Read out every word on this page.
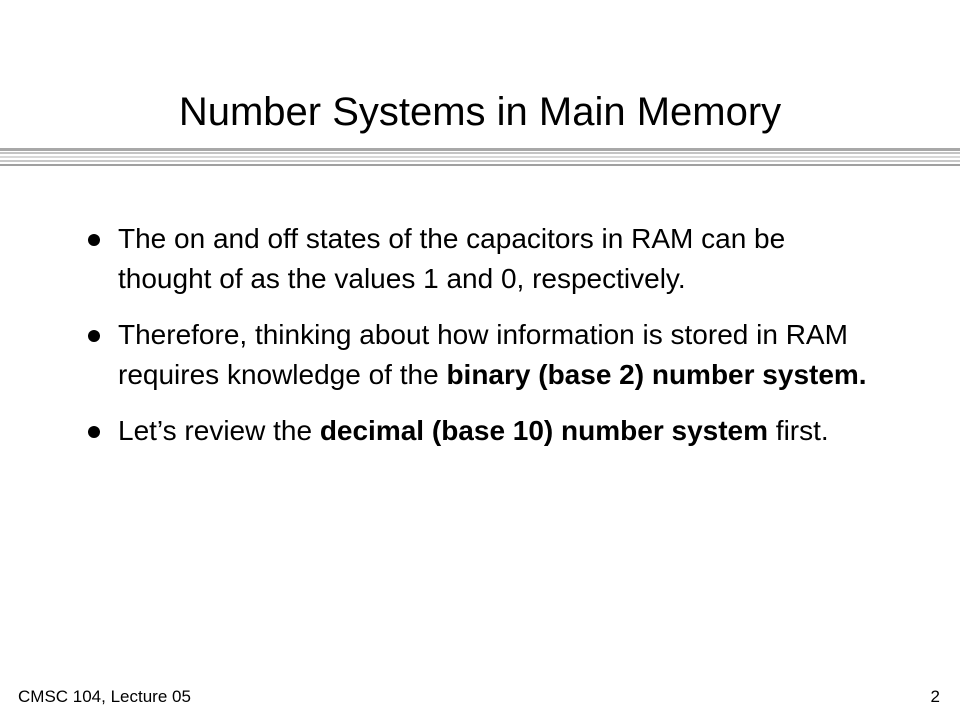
Number Systems in Main Memory
The on and off states of the capacitors in RAM can be thought of as the values 1 and 0, respectively.
Therefore, thinking about how information is stored in RAM requires knowledge of the binary (base 2) number system.
Let’s review the decimal (base 10) number system first.
CMSC 104, Lecture 05	2
